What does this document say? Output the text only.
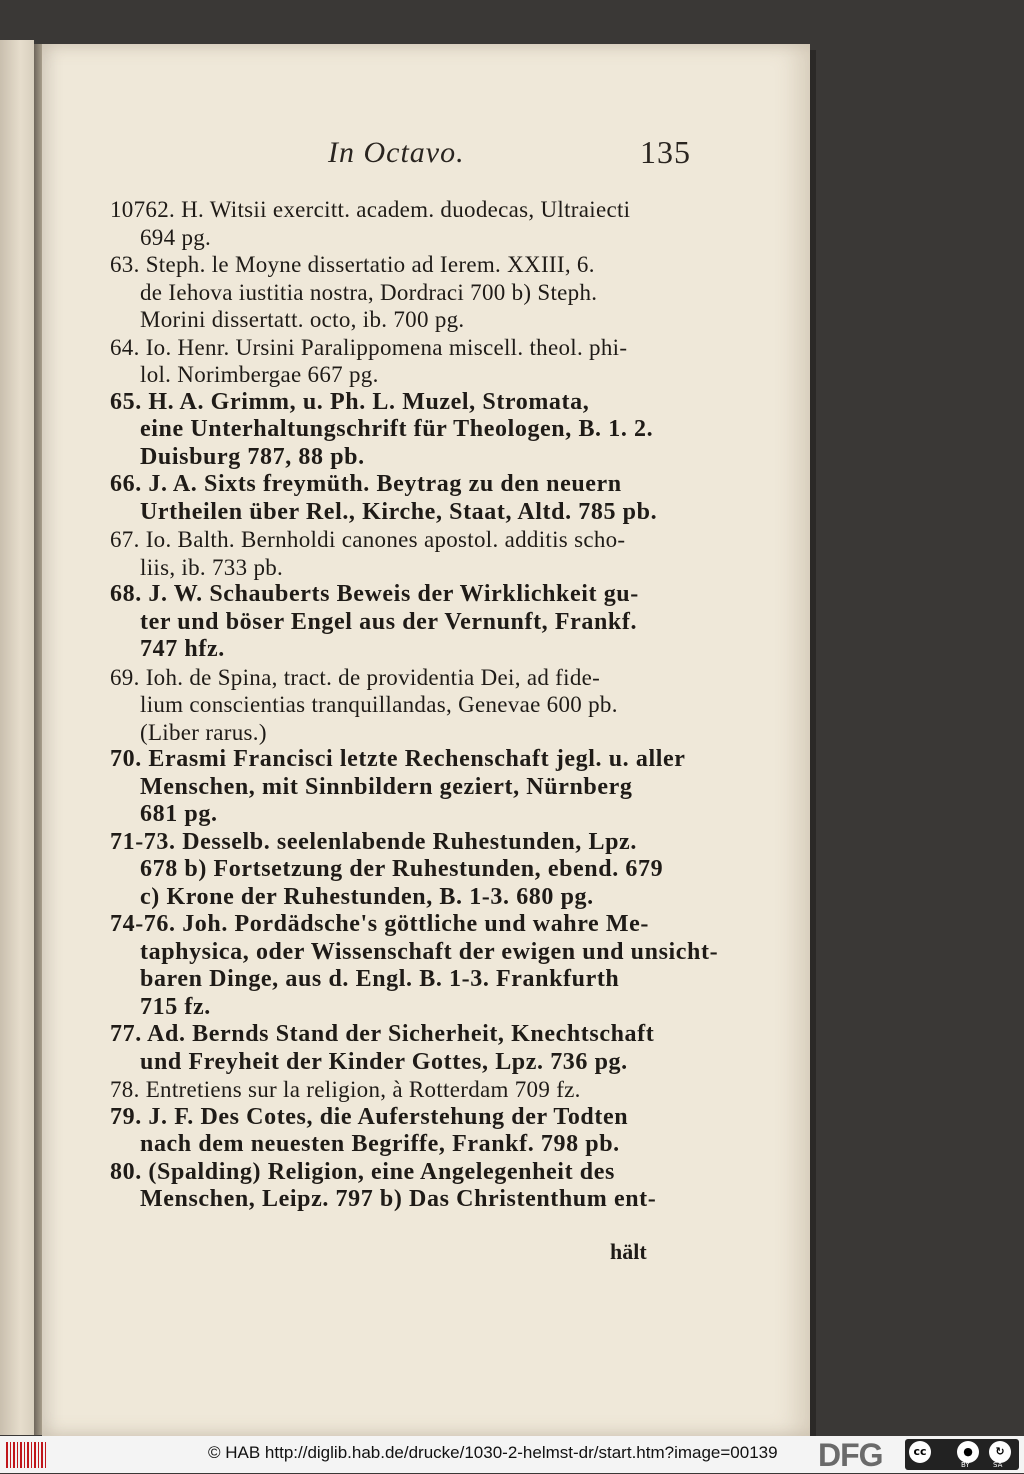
In Octavo.	135
10762. H. Witsii exercitt. academ. duodecas, Ultraiecti
694 pg.
63. Steph. le Moyne dissertatio ad Ierem. XXIII, 6.
de Iehova iustitia nostra, Dordraci 700 b) Steph.
Morini dissertatt. octo, ib. 700 pg.
64. Io. Henr. Ursini Paralippomena miscell. theol. phi-
lol. Norimbergae 667 pg.
65. H. A. Grimm, u. Ph. L. Muzel, Stromata,
eine Unterhaltungschrift für Theologen, B. 1. 2.
Duisburg 787, 88 pb.
66. J. A. Sixts freymüth. Beytrag zu den neuern
Urtheilen über Rel., Kirche, Staat, Altd. 785 pb.
67. Io. Balth. Bernholdi canones apostol. additis scho-
liis, ib. 733 pb.
68. J. W. Schauberts Beweis der Wirklichkeit gu-
ter und böser Engel aus der Vernunft, Frankf.
747 hfz.
69. Ioh. de Spina, tract. de providentia Dei, ad fide-
lium conscientias tranquillandas, Genevae 600 pb.
(Liber rarus.)
70. Erasmi Francisci letzte Rechenschaft jegl. u. aller
Menschen, mit Sinnbildern geziert, Nürnberg
681 pg.
71-73. Desselb. seelenlabende Ruhestunden, Lpz.
678 b) Fortsetzung der Ruhestunden, ebend. 679
c) Krone der Ruhestunden, B. 1-3. 680 pg.
74-76. Joh. Pordädsche's göttliche und wahre Me-
taphysica, oder Wissenschaft der ewigen und unsicht-
baren Dinge, aus d. Engl. B. 1-3. Frankfurth
715 fz.
77. Ad. Bernds Stand der Sicherheit, Knechtschaft
und Freyheit der Kinder Gottes, Lpz. 736 pg.
78. Entretiens sur la religion, à Rotterdam 709 fz.
79. J. F. Des Cotes, die Auferstehung der Todten
nach dem neuesten Begriffe, Frankf. 798 pb.
80. (Spalding) Religion, eine Angelegenheit des
Menschen, Leipz. 797 b) Das Christenthum ent-
hält
© HAB http://diglib.hab.de/drucke/1030-2-helmst-dr/start.htm?image=00139 DFG	cc	●	↻
BY	SA
